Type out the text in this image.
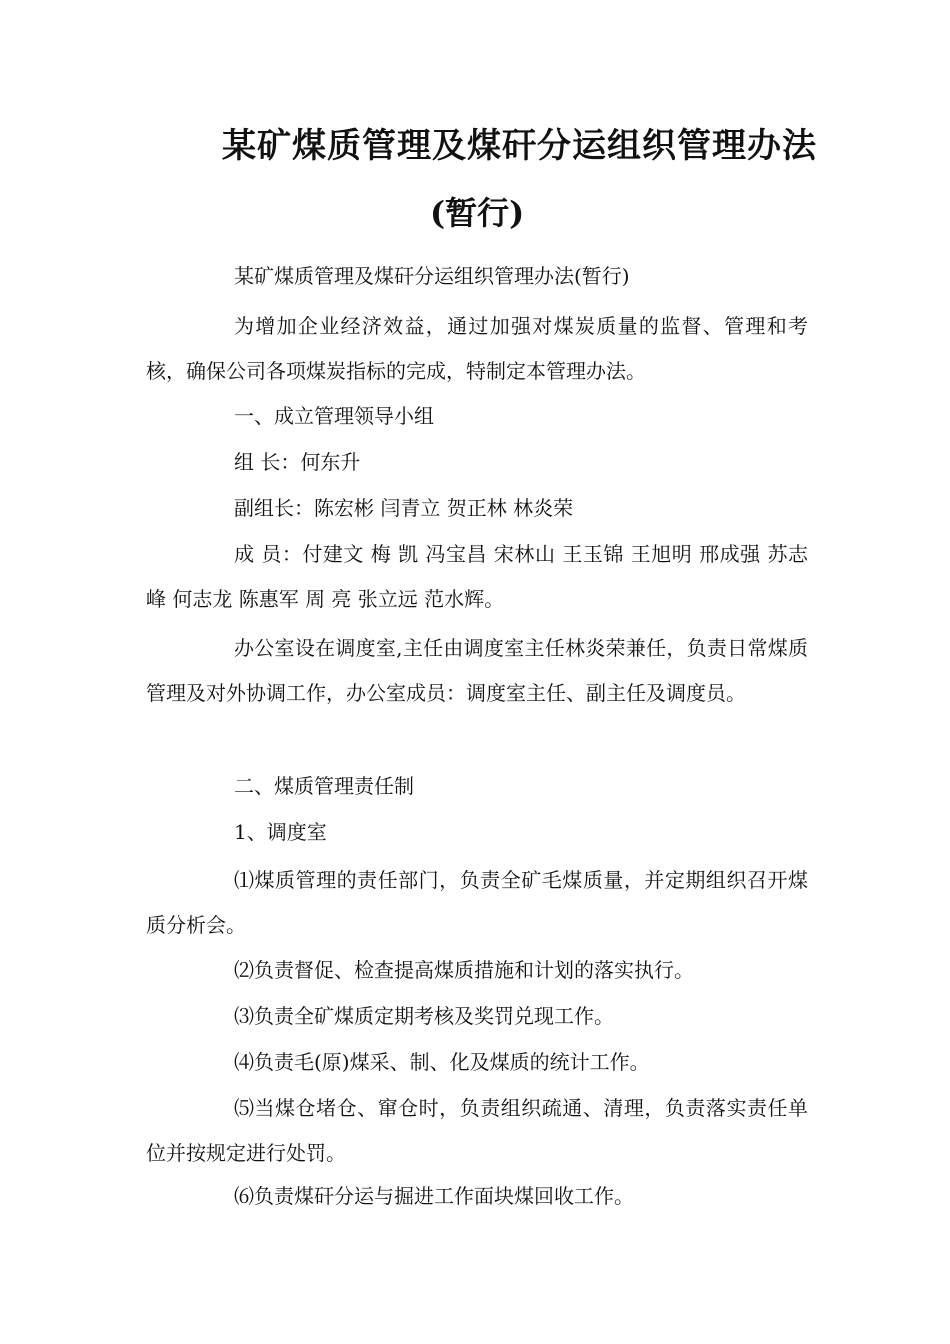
某矿煤质管理及煤矸分运组织管理办法
(暂行)

某矿煤质管理及煤矸分运组织管理办法(暂行)

为增加企业经济效益，通过加强对煤炭质量的监督、管理和考核，确保公司各项煤炭指标的完成，特制定本管理办法。

一、成立管理领导小组

组 长：何东升

副组长：陈宏彬 闫青立 贺正林 林炎荣

成 员：付建文 梅 凯 冯宝昌 宋林山 王玉锦 王旭明 邢成强 苏志峰 何志龙 陈惠军 周 亮 张立远 范水辉。

办公室设在调度室,主任由调度室主任林炎荣兼任，负责日常煤质管理及对外协调工作，办公室成员：调度室主任、副主任及调度员。

二、煤质管理责任制

1、调度室

⑴煤质管理的责任部门，负责全矿毛煤质量，并定期组织召开煤质分析会。

⑵负责督促、检查提高煤质措施和计划的落实执行。

⑶负责全矿煤质定期考核及奖罚兑现工作。

⑷负责毛(原)煤采、制、化及煤质的统计工作。

⑸当煤仓堵仓、窜仓时，负责组织疏通、清理，负责落实责任单位并按规定进行处罚。

⑹负责煤矸分运与掘进工作面块煤回收工作。
